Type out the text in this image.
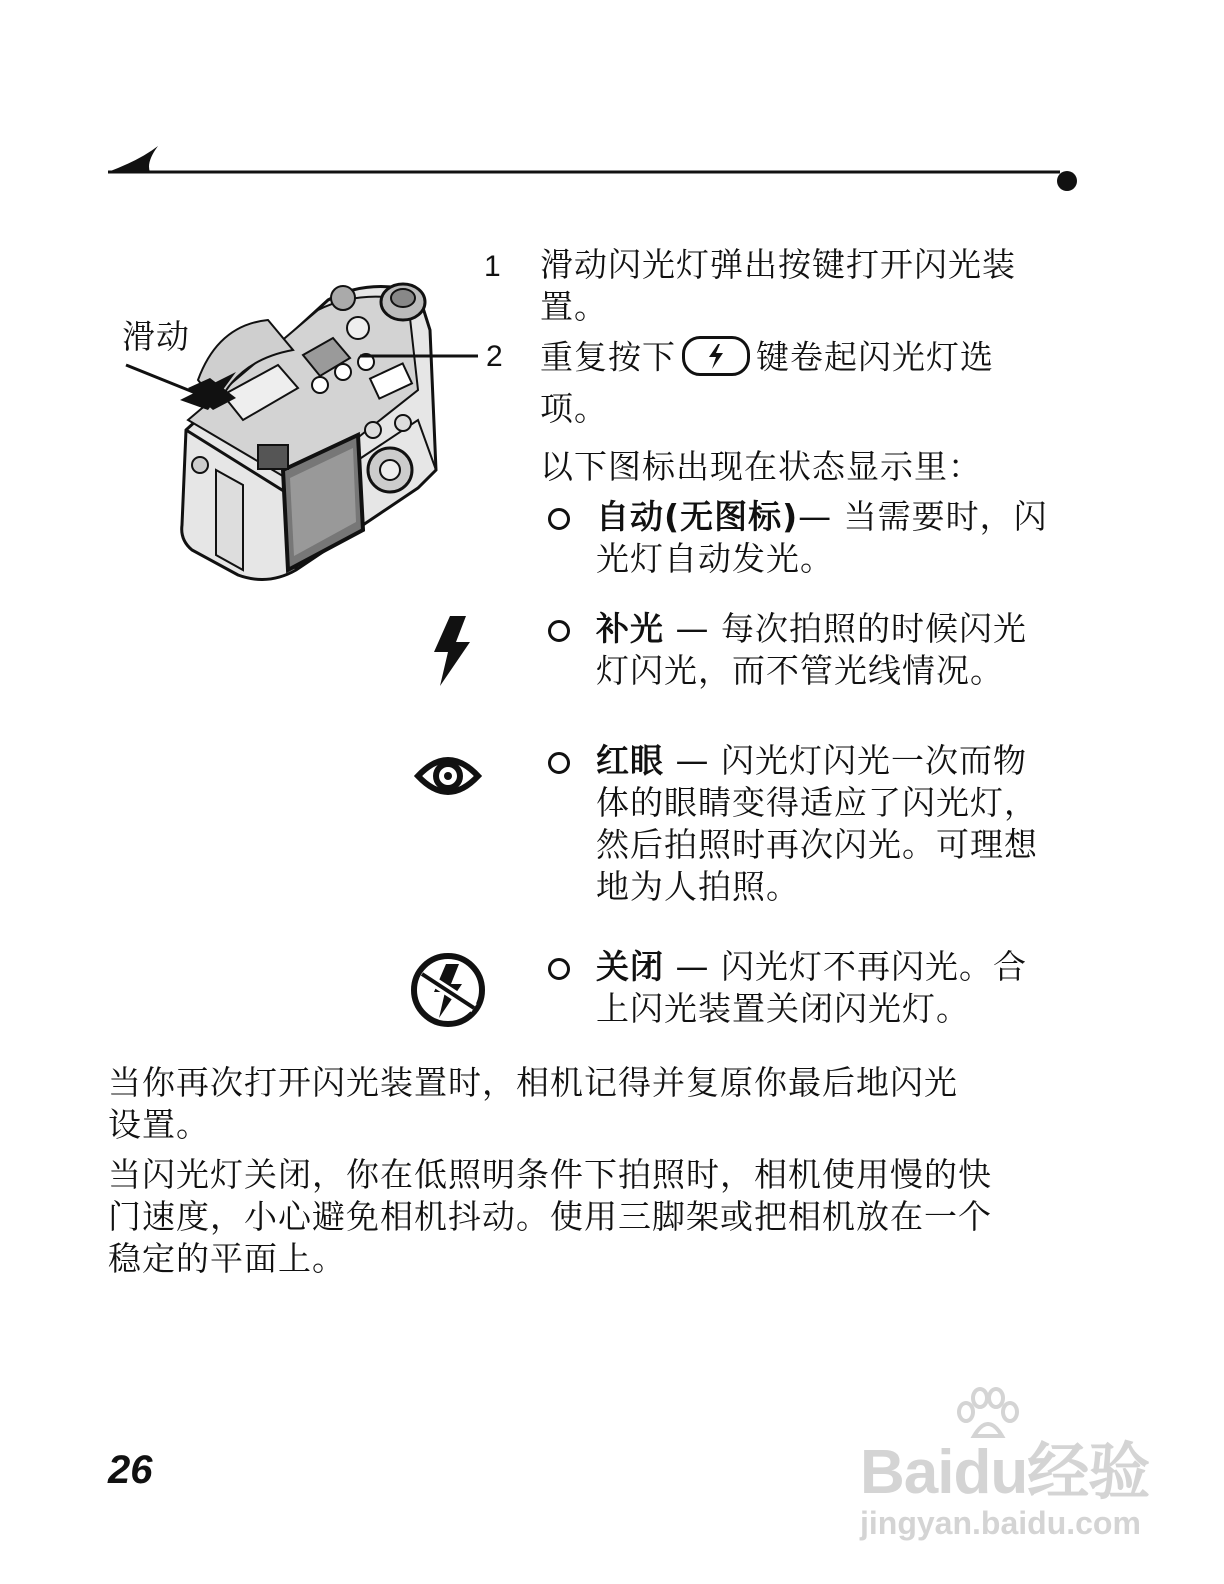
滑动
1 滑动闪光灯弹出按键打开闪光装
置。
2 重复按下 键卷起闪光灯选
项。
以下图标出现在状态显示里：
自动(无图标)— 当需要时，闪
光灯自动发光。
补光 — 每次拍照的时候闪光
灯闪光，而不管光线情况。
红眼 — 闪光灯闪光一次而物
体的眼睛变得适应了闪光灯，
然后拍照时再次闪光。可理想
地为人拍照。
关闭 — 闪光灯不再闪光。合
上闪光装置关闭闪光灯。
当你再次打开闪光装置时，相机记得并复原你最后地闪光
设置。
当闪光灯关闭，你在低照明条件下拍照时，相机使用慢的快
门速度，小心避免相机抖动。使用三脚架或把相机放在一个
稳定的平面上。
26	Baidu经验
jingyan.baidu.com
